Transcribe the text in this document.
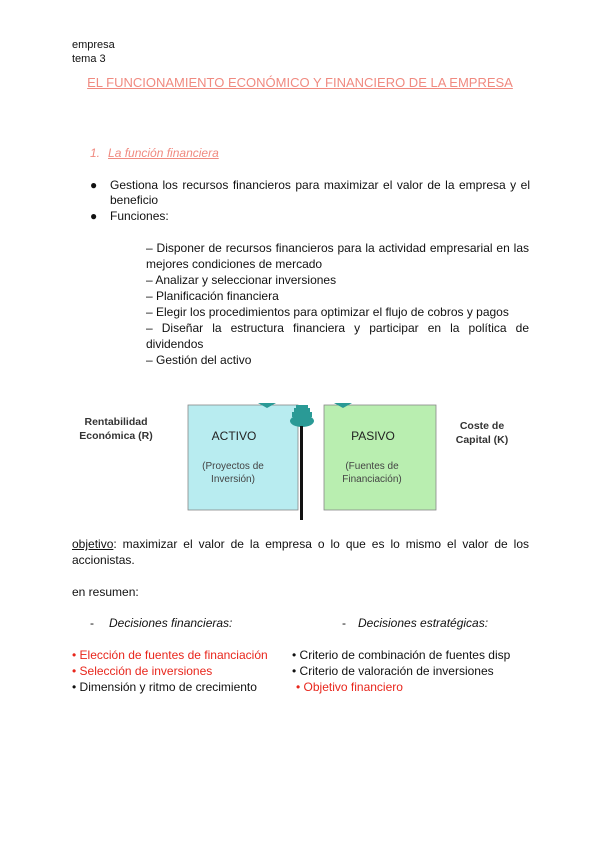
empresa
tema 3
EL FUNCIONAMIENTO ECONÓMICO Y FINANCIERO DE LA EMPRESA
1. La función financiera
● Gestiona los recursos financieros para maximizar el valor de la empresa y el beneficio
● Funciones:
– Disponer de recursos financieros para la actividad empresarial en las mejores condiciones de mercado
– Analizar y seleccionar inversiones
– Planificación financiera
– Elegir los procedimientos para optimizar el flujo de cobros y pagos
– Diseñar la estructura financiera y participar en la política de dividendos
– Gestión del activo
Rentabilidad
Económica (R)	ACTIVO
(Proyectos de
Inversión)
PASIVO
(Fuentes de
Financiación)
Coste de
Capital (K)
objetivo: maximizar el valor de la empresa o lo que es lo mismo el valor de los accionistas.
en resumen:
- Decisiones financieras:	- Decisiones estratégicas:
• Elección de fuentes de financiación
• Selección de inversiones
• Dimensión y ritmo de crecimiento
• Criterio de combinación de fuentes disp
• Criterio de valoración de inversiones
• Objetivo financiero
